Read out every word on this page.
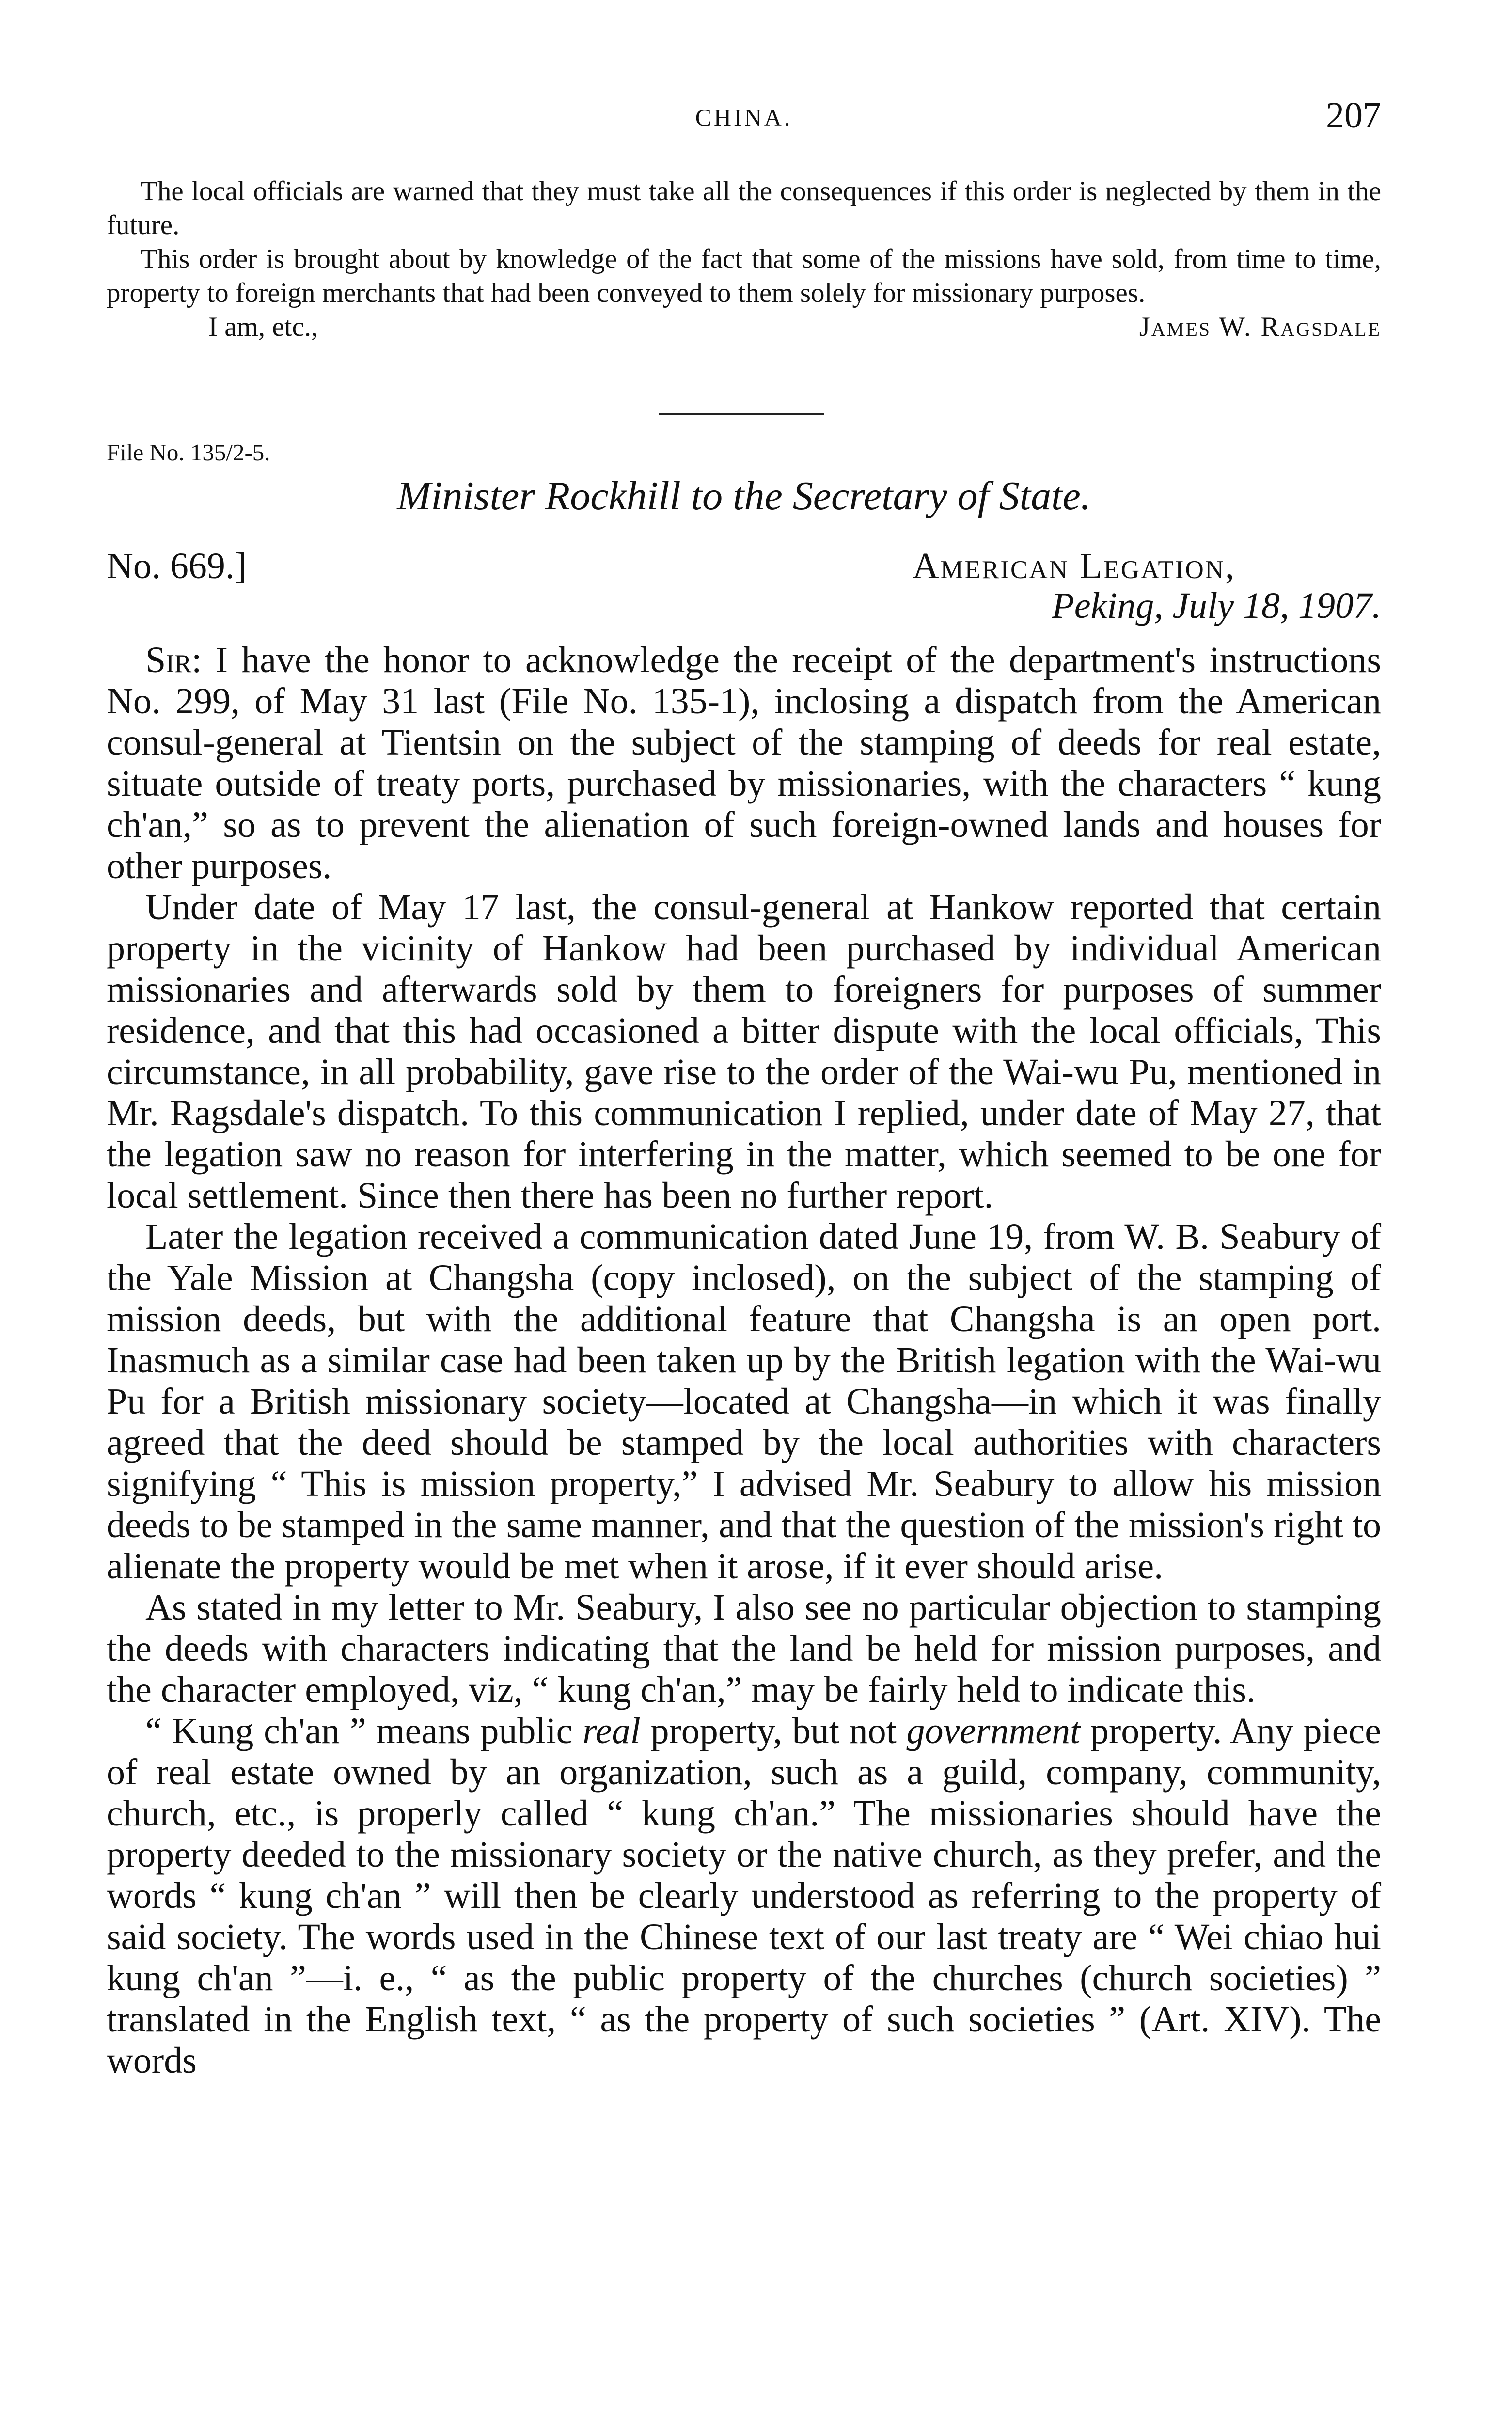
CHINA.	207

The local officials are warned that they must take all the consequences if this order is neglected by them in the future.

This order is brought about by knowledge of the fact that some of the missions have sold, from time to time, property to foreign merchants that had been conveyed to them solely for missionary purposes.

I am, etc.,	James W. Ragsdale
File No. 135/2-5.
Minister Rockhill to the Secretary of State.
No. 669.]	American Legation,
Peking, July 18, 1907.

Sir: I have the honor to acknowledge the receipt of the department's instructions No. 299, of May 31 last (File No. 135-1), inclosing a dispatch from the American consul-general at Tientsin on the subject of the stamping of deeds for real estate, situate outside of treaty ports, purchased by missionaries, with the characters “ kung ch'an,” so as to prevent the alienation of such foreign-owned lands and houses for other purposes.

Under date of May 17 last, the consul-general at Hankow reported that certain property in the vicinity of Hankow had been purchased by individual American missionaries and afterwards sold by them to foreigners for purposes of summer residence, and that this had occasioned a bitter dispute with the local officials, This circumstance, in all probability, gave rise to the order of the Wai-wu Pu, mentioned in Mr. Ragsdale's dispatch. To this communication I replied, under date of May 27, that the legation saw no reason for interfering in the matter, which seemed to be one for local settlement. Since then there has been no further report.

Later the legation received a communication dated June 19, from W. B. Seabury of the Yale Mission at Changsha (copy inclosed), on the subject of the stamping of mission deeds, but with the additional feature that Changsha is an open port. Inasmuch as a similar case had been taken up by the British legation with the Wai-wu Pu for a British missionary society—located at Changsha—in which it was finally agreed that the deed should be stamped by the local authorities with characters signifying “ This is mission property,” I advised Mr. Seabury to allow his mission deeds to be stamped in the same manner, and that the question of the mission's right to alienate the property would be met when it arose, if it ever should arise.

As stated in my letter to Mr. Seabury, I also see no particular objection to stamping the deeds with characters indicating that the land be held for mission purposes, and the character employed, viz, “ kung ch'an,” may be fairly held to indicate this.

“ Kung ch'an ” means public real property, but not government property. Any piece of real estate owned by an organization, such as a guild, company, community, church, etc., is properly called “ kung ch'an.” The missionaries should have the property deeded to the missionary society or the native church, as they prefer, and the words “ kung ch'an ” will then be clearly understood as referring to the property of said society. The words used in the Chinese text of our last treaty are “ Wei chiao hui kung ch'an ”—i. e., “ as the public property of the churches (church societies) ” translated in the English text, “ as the property of such societies ” (Art. XIV). The words
